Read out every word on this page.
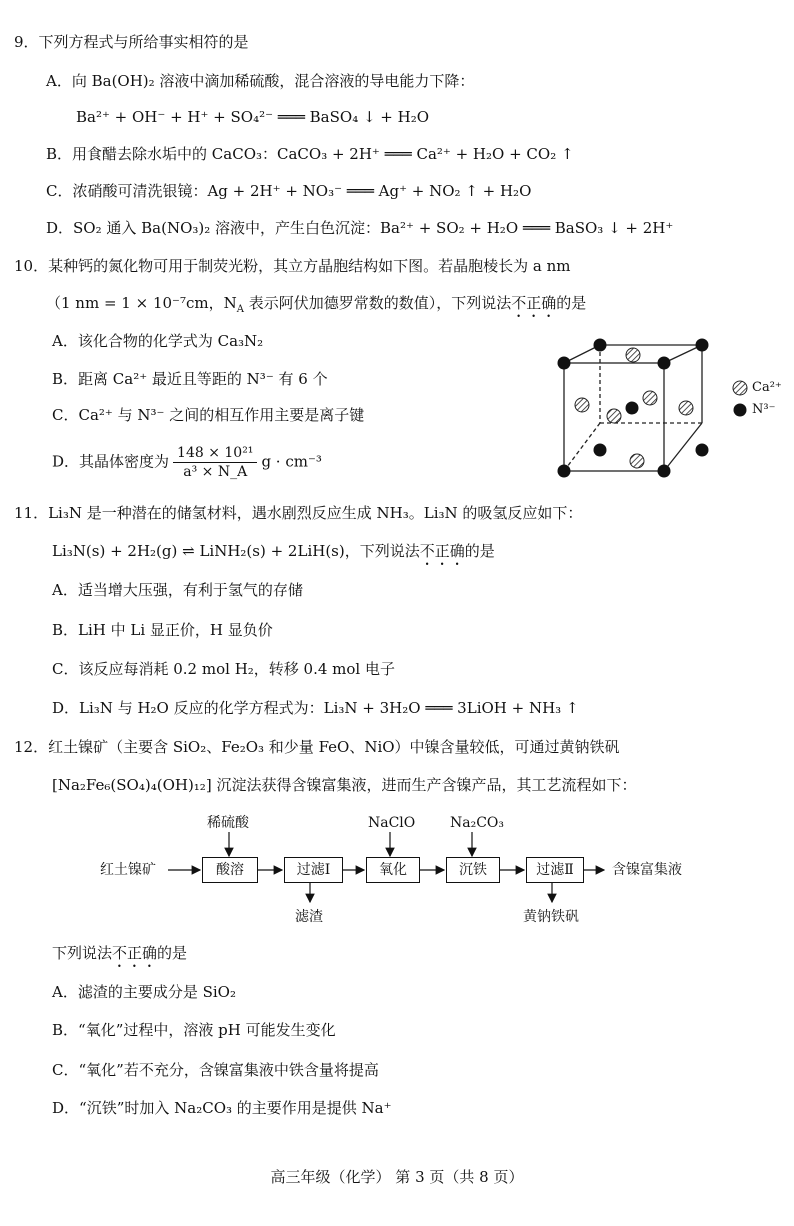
9．下列方程式与所给事实相符的是
A．向 Ba(OH)₂ 溶液中滴加稀硫酸，混合溶液的导电能力下降：
Ba²⁺ + OH⁻ + H⁺ + SO₄²⁻ ═══ BaSO₄ ↓ + H₂O
B．用食醋去除水垢中的 CaCO₃：CaCO₃ + 2H⁺ ═══ Ca²⁺ + H₂O + CO₂ ↑
C．浓硝酸可清洗银镜：Ag + 2H⁺ + NO₃⁻ ═══ Ag⁺ + NO₂ ↑ + H₂O
D．SO₂ 通入 Ba(NO₃)₂ 溶液中，产生白色沉淀：Ba²⁺ + SO₂ + H₂O ═══ BaSO₃ ↓ + 2H⁺
10．某种钙的氮化物可用于制荧光粉，其立方晶胞结构如下图。若晶胞棱长为 a nm
（1 nm = 1 × 10⁻⁷cm，$N_A$ 表示阿伏加德罗常数的数值），下列说法不正确的是
A．该化合物的化学式为 Ca₃N₂
B．距离 Ca²⁺ 最近且等距的 N³⁻ 有 6 个
C．Ca²⁺ 与 N³⁻ 之间的相互作用主要是离子键
D．其晶体密度为 $\frac{\text{148 × 10²¹}}{\text{a³ × N\_A}}$ g · cm⁻³
Ca²⁺
N³⁻
11．Li₃N 是一种潜在的储氢材料，遇水剧烈反应生成 NH₃。Li₃N 的吸氢反应如下：
Li₃N(s) + 2H₂(g) ⇌ LiNH₂(s) + 2LiH(s)，下列说法不正确的是
A．适当增大压强，有利于氢气的存储
B．LiH 中 Li 显正价，H 显负价
C．该反应每消耗 0.2 mol H₂，转移 0.4 mol 电子
D．Li₃N 与 H₂O 反应的化学方程式为：Li₃N + 3H₂O ═══ 3LiOH + NH₃ ↑
12．红土镍矿（主要含 SiO₂、Fe₂O₃ 和少量 FeO、NiO）中镍含量较低，可通过黄钠铁矾
[Na₂Fe₆(SO₄)₄(OH)₁₂] 沉淀法获得含镍富集液，进而生产含镍产品，其工艺流程如下：
红土镍矿
稀硫酸	NaClO Na₂CO₃
酸溶	过滤Ⅰ	氧化	沉铁	过滤Ⅱ	含镍富集液
滤渣	黄钠铁矾
下列说法不正确的是
A．滤渣的主要成分是 SiO₂
B．“氧化”过程中，溶液 pH 可能发生变化
C．“氧化”若不充分，含镍富集液中铁含量将提高
D．“沉铁”时加入 Na₂CO₃ 的主要作用是提供 Na⁺
高三年级（化学） 第 3 页（共 8 页）
